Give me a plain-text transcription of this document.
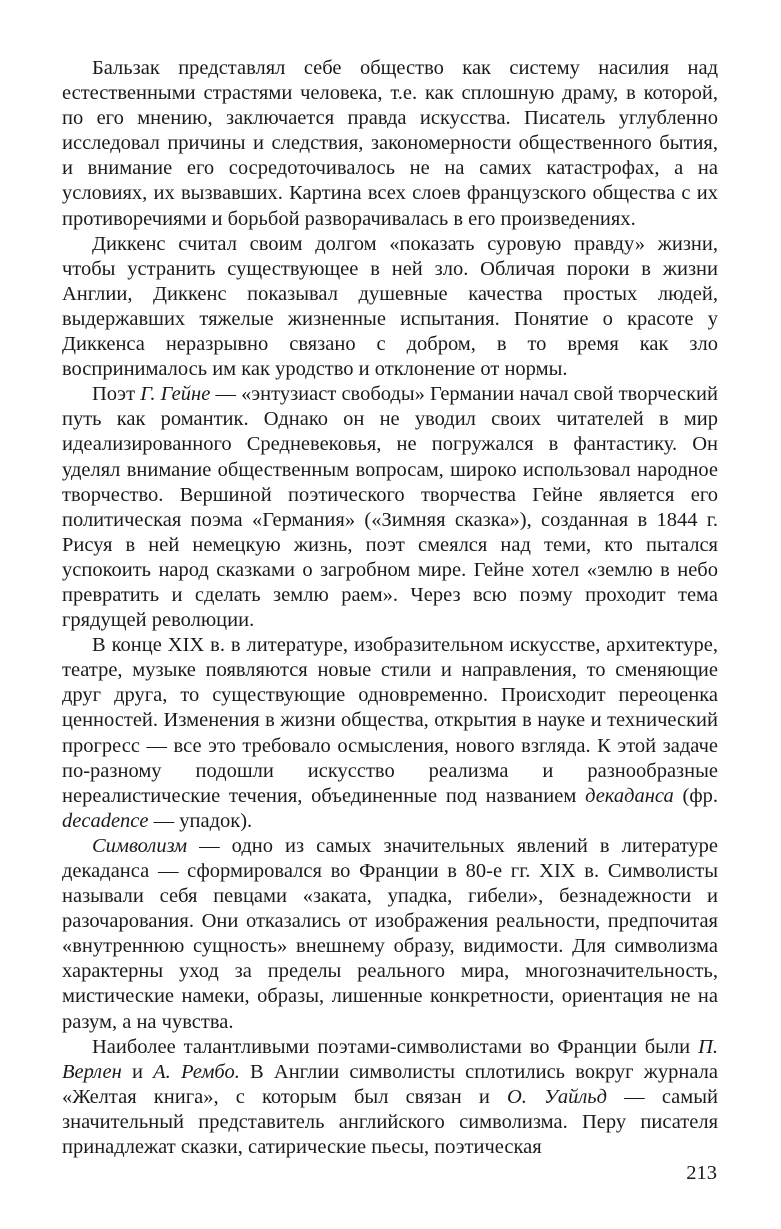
Бальзак представлял себе общество как систему насилия над естественными страстями человека, т.е. как сплошную драму, в которой, по его мнению, заключается правда искусства. Писатель углубленно исследовал причины и следствия, закономерности общественного бытия, и внимание его сосредоточивалось не на самих катастрофах, а на условиях, их вызвавших. Картина всех слоев французского общества с их противоречиями и борьбой разворачивалась в его произведениях.

Диккенс считал своим долгом «показать суровую правду» жизни, чтобы устранить существующее в ней зло. Обличая пороки в жизни Англии, Диккенс показывал душевные качества простых людей, выдержавших тяжелые жизненные испытания. Понятие о красоте у Диккенса неразрывно связано с добром, в то время как зло воспринималось им как уродство и отклонение от нормы.

Поэт Г. Гейне — «энтузиаст свободы» Германии начал свой творческий путь как романтик. Однако он не уводил своих читателей в мир идеализированного Средневековья, не погружался в фантастику. Он уделял внимание общественным вопросам, широко использовал народное творчество. Вершиной поэтического творчества Гейне является его политическая поэма «Германия» («Зимняя сказка»), созданная в 1844 г. Рисуя в ней немецкую жизнь, поэт смеялся над теми, кто пытался успокоить народ сказками о загробном мире. Гейне хотел «землю в небо превратить и сделать землю раем». Через всю поэму проходит тема грядущей революции.

В конце XIX в. в литературе, изобразительном искусстве, архитектуре, театре, музыке появляются новые стили и направления, то сменяющие друг друга, то существующие одновременно. Происходит переоценка ценностей. Изменения в жизни общества, открытия в науке и технический прогресс — все это требовало осмысления, нового взгляда. К этой задаче по-разному подошли искусство реализма и разнообразные нереалистические течения, объединенные под названием декаданса (фр. decadence — упадок).

Символизм — одно из самых значительных явлений в литературе декаданса — сформировался во Франции в 80-е гг. XIX в. Символисты называли себя певцами «заката, упадка, гибели», безнадежности и разочарования. Они отказались от изображения реальности, предпочитая «внутреннюю сущность» внешнему образу, видимости. Для символизма характерны уход за пределы реального мира, многозначительность, мистические намеки, образы, лишенные конкретности, ориентация не на разум, а на чувства.

Наиболее талантливыми поэтами-символистами во Франции были П. Верлен и А. Рембо. В Англии символисты сплотились вокруг журнала «Желтая книга», с которым был связан и О. Уайльд — самый значительный представитель английского символизма. Перу писателя принадлежат сказки, сатирические пьесы, поэтическая

213
